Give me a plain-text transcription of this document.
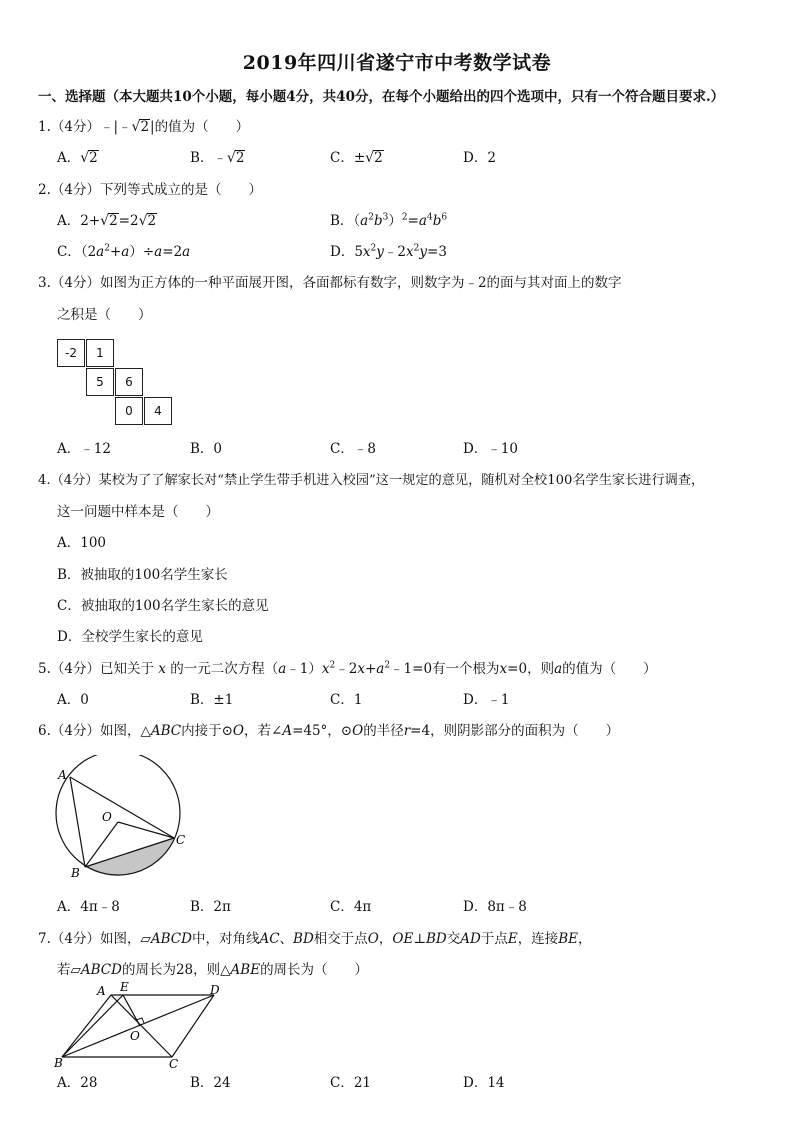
2019年四川省遂宁市中考数学试卷
一、选择题（本大题共10个小题，每小题4分，共40分，在每个小题给出的四个选项中，只有一个符合题目要求.）
1.（4分）﹣|﹣√2|的值为（　　）
A．√2	B．﹣√2	C．±√2	D．2
2.（4分）下列等式成立的是（　　）
A．2+√2=2√2	B．$(a^2b^3)^2=a^4b^6$
C．$(2a^2+a)\div a=2a$	D．$5x^2y﹣2x^2y=3$
3.（4分）如图为正方体的一种平面展开图，各面都标有数字，则数字为﹣2的面与其对面上的数字
之积是（　　）
-2	1
5	6
0	4
A．﹣12	B．0	C．﹣8	D．﹣10
4.（4分）某校为了了解家长对“禁止学生带手机进入校园”这一规定的意见，随机对全校100名学生家长进行调查，
这一问题中样本是（　　）
A．100
B．被抽取的100名学生家长
C．被抽取的100名学生家长的意见
D．全校学生家长的意见
5.（4分）已知关于 x 的一元二次方程$(a﹣1)x^2﹣2x+a^2﹣1=0$有一个根为x=0，则a的值为（　　）
A．0	B．±1	C．1	D．﹣1
6.（4分）如图，△ABC内接于⊙O，若∠A=45°，⊙O的半径r=4，则阴影部分的面积为（　　）
A
O
C
B
A．4π﹣8	B．2π	C．4π	D．8π﹣8
7.（4分）如图，▱ABCD中，对角线AC、BD相交于点O，OE⊥BD交AD于点E，连接BE，
若▱ABCD的周长为28，则△ABE的周长为（　　）
A E	D
O
B	C
A．28	B．24	C．21	D．14
